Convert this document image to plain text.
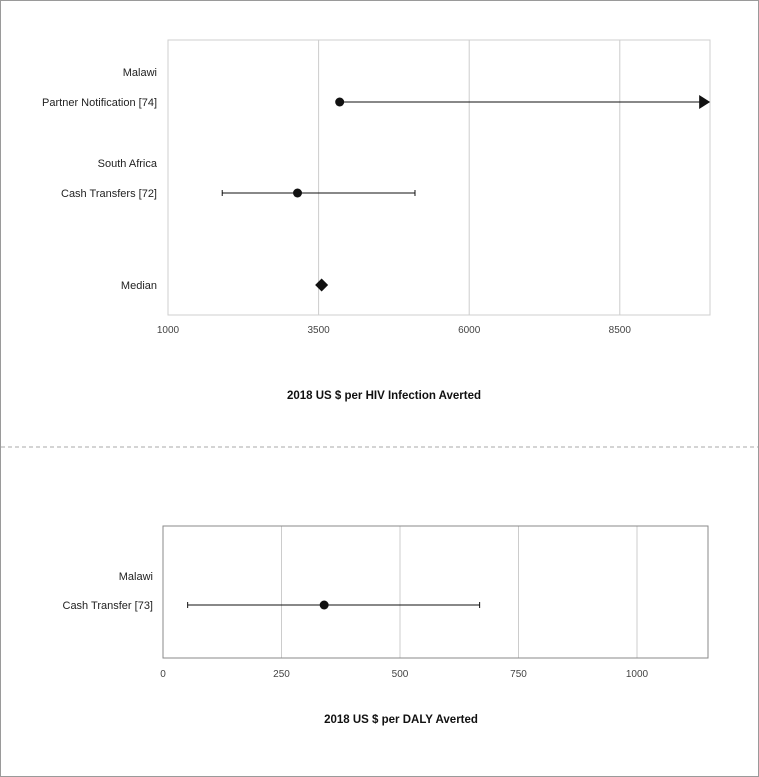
1000	3500	6000	8500
2018 US $ per HIV Infection Averted
Malawi
Partner Notification [74]
South Africa
Cash Transfers [72]
Median
0	250	500	750	1000
2018 US $ per DALY Averted
Malawi
Cash Transfer [73]
